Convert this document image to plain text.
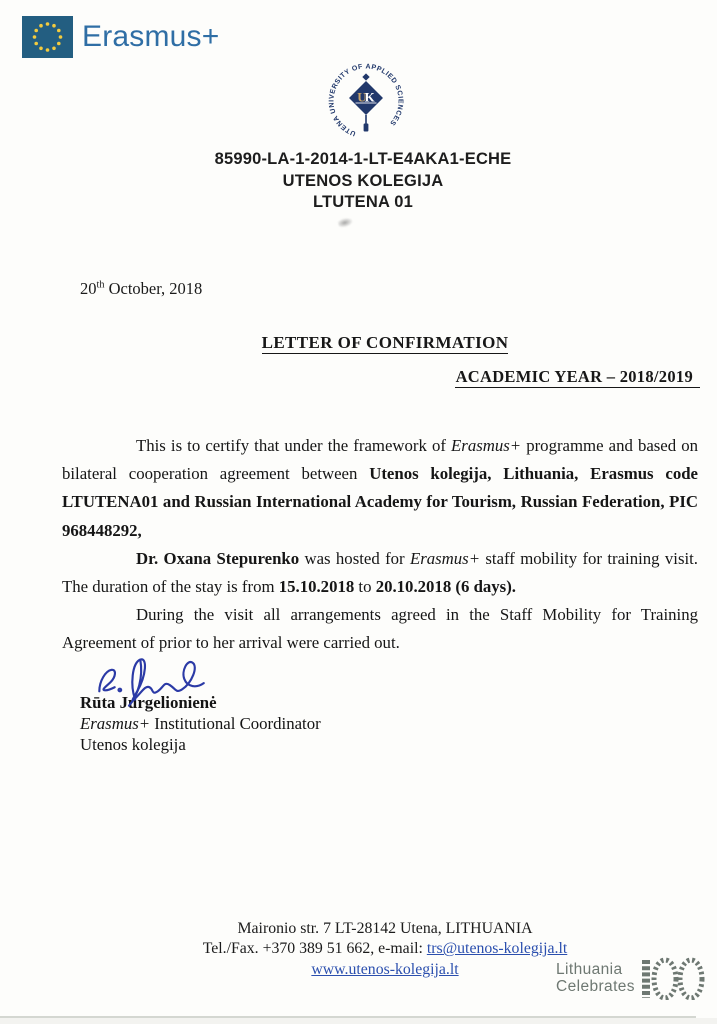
Erasmus+
UTENA UNIVERSITY OF APPLIED SCIENCES
UK
85990-LA-1-2014-1-LT-E4AKA1-ECHE
UTENOS KOLEGIJA
LTUTENA 01
20th October, 2018
LETTER OF CONFIRMATION
ACADEMIC YEAR – 2018/2019

This is to certify that under the framework of Erasmus+ programme and based on bilateral cooperation agreement between Utenos kolegija, Lithuania, Erasmus code LTUTENA01 and Russian International Academy for Tourism, Russian Federation, PIC 968448292,

Dr. Oxana Stepurenko was hosted for Erasmus+ staff mobility for training visit. The duration of the stay is from 15.10.2018 to 20.10.2018 (6 days).

During the visit all arrangements agreed in the Staff Mobility for Training Agreement of prior to her arrival were carried out.

Rūta Jurgelionienė
Erasmus+ Institutional Coordinator
Utenos kolegija
Maironio str. 7 LT-28142 Utena, LITHUANIA
Tel./Fax. +370 389 51 662, e-mail: trs@utenos-kolegija.lt
www.utenos-kolegija.lt	Lithuania
Celebrates
